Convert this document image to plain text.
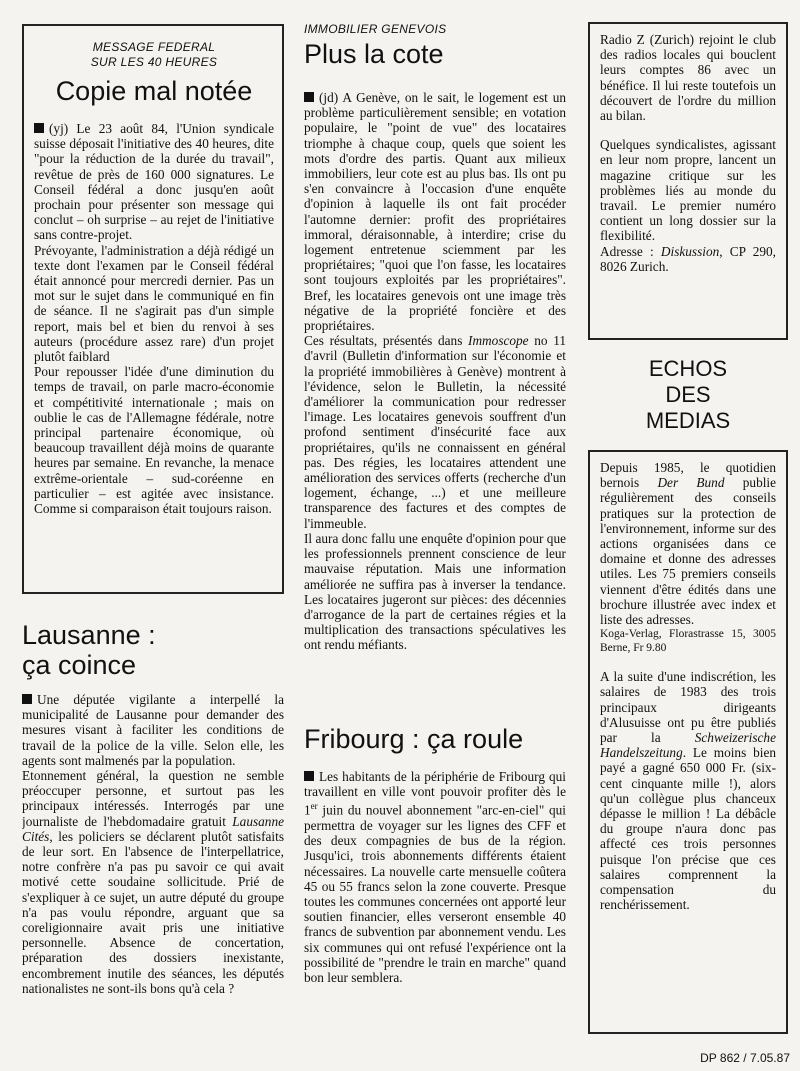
MESSAGE FEDERAL
SUR LES 40 HEURES
Copie mal notée

(yj) Le 23 août 84, l'Union syndicale suisse déposait l'initiative des 40 heures, dite "pour la réduction de la durée du travail", revêtue de près de 160 000 signatures. Le Conseil fédéral a donc jusqu'en août prochain pour présenter son message qui conclut – oh surprise – au rejet de l'initiative sans contre-projet.

Prévoyante, l'administration a déjà rédigé un texte dont l'examen par le Conseil fédéral était annoncé pour mercredi dernier. Pas un mot sur le sujet dans le communiqué en fin de séance. Il ne s'agirait pas d'un simple report, mais bel et bien du renvoi à ses auteurs (procédure assez rare) d'un projet plutôt faiblard

Pour repousser l'idée d'une diminution du temps de travail, on parle macro-économie et compétitivité internationale ; mais on oublie le cas de l'Allemagne fédérale, notre principal partenaire économique, où beaucoup travaillent déjà moins de quarante heures par semaine. En revanche, la menace extrême-orientale – sud-coréenne en particulier – est agitée avec insistance. Comme si comparaison était toujours raison.

Lausanne : ça coince

Une députée vigilante a interpellé la municipalité de Lausanne pour demander des mesures visant à faciliter les conditions de travail de la police de la ville. Selon elle, les agents sont malmenés par la population.

Etonnement général, la question ne semble préoccuper personne, et surtout pas les principaux intéressés. Interrogés par une journaliste de l'hebdomadaire gratuit Lausanne Cités, les policiers se déclarent plutôt satisfaits de leur sort. En l'absence de l'interpellatrice, notre confrère n'a pas pu savoir ce qui avait motivé cette soudaine sollicitude. Prié de s'expliquer à ce sujet, un autre député du groupe n'a pas voulu répondre, arguant que sa coreligionnaire avait pris une initiative personnelle. Absence de concertation, préparation des dossiers inexistante, encombrement inutile des séances, les députés nationalistes ne sont-ils bons qu'à cela ?

IMMOBILIER GENEVOIS
Plus la cote

(jd) A Genève, on le sait, le logement est un problème particulièrement sensible; en votation populaire, le "point de vue" des locataires triomphe à chaque coup, quels que soient les mots d'ordre des partis. Quant aux milieux immobiliers, leur cote est au plus bas. Ils ont pu s'en convaincre à l'occasion d'une enquête d'opinion à laquelle ils ont fait procéder l'automne dernier: profit des propriétaires immoral, déraisonnable, à interdire; crise du logement entretenue sciemment par les propriétaires; "quoi que l'on fasse, les locataires sont toujours exploités par les propriétaires". Bref, les locataires genevois ont une image très négative de la propriété foncière et des propriétaires.

Ces résultats, présentés dans Immoscope no 11 d'avril (Bulletin d'information sur l'économie et la propriété immobilières à Genève) montrent à l'évidence, selon le Bulletin, la nécessité d'améliorer la communication pour redresser l'image. Les locataires genevois souffrent d'un profond sentiment d'insécurité face aux propriétaires, qu'ils ne connaissent en général pas. Des régies, les locataires attendent une amélioration des services offerts (recherche d'un logement, échange, ...) et une meilleure transparence des factures et des comptes de l'immeuble.

Il aura donc fallu une enquête d'opinion pour que les professionnels prennent conscience de leur mauvaise réputation. Mais une information améliorée ne suffira pas à inverser la tendance. Les locataires jugeront sur pièces: des décennies d'arrogance de la part de certaines régies et la multiplication des transactions spéculatives les ont rendu méfiants.

Fribourg : ça roule

Les habitants de la périphérie de Fribourg qui travaillent en ville vont pouvoir profiter dès le 1er juin du nouvel abonnement "arc-en-ciel" qui permettra de voyager sur les lignes des CFF et des deux compagnies de bus de la région. Jusqu'ici, trois abonnements différents étaient nécessaires. La nouvelle carte mensuelle coûtera 45 ou 55 francs selon la zone couverte. Presque toutes les communes concernées ont apporté leur soutien financier, elles verseront ensemble 40 francs de subvention par abonnement vendu. Les six communes qui ont refusé l'expérience ont la possibilité de "prendre le train en marche" quand bon leur semblera.

Radio Z (Zurich) rejoint le club des radios locales qui bouclent leurs comptes 86 avec un bénéfice. Il lui reste toutefois un découvert de l'ordre du million au bilan.

Quelques syndicalistes, agissant en leur nom propre, lancent un magazine critique sur les problèmes liés au monde du travail. Le premier numéro contient un long dossier sur la flexibilité.

Adresse : Diskussion, CP 290, 8026 Zurich.

ECHOS
DES
MEDIAS

Depuis 1985, le quotidien bernois Der Bund publie régulièrement des conseils pratiques sur la protection de l'environnement, informe sur des actions organisées dans ce domaine et donne des adresses utiles. Les 75 premiers conseils viennent d'être édités dans une brochure illustrée avec index et liste des adresses.

Koga-Verlag, Florastrasse 15, 3005 Berne, Fr 9.80

A la suite d'une indiscrétion, les salaires de 1983 des trois principaux dirigeants d'Alusuisse ont pu être publiés par la Schweizerische Handelszeitung. Le moins bien payé a gagné 650 000 Fr. (six-cent cinquante mille !), alors qu'un collègue plus chanceux dépasse le million ! La débâcle du groupe n'aura donc pas affecté ces trois personnes puisque l'on précise que ces salaires comprennent la compensation du renchérissement.

DP 862 / 7.05.87
